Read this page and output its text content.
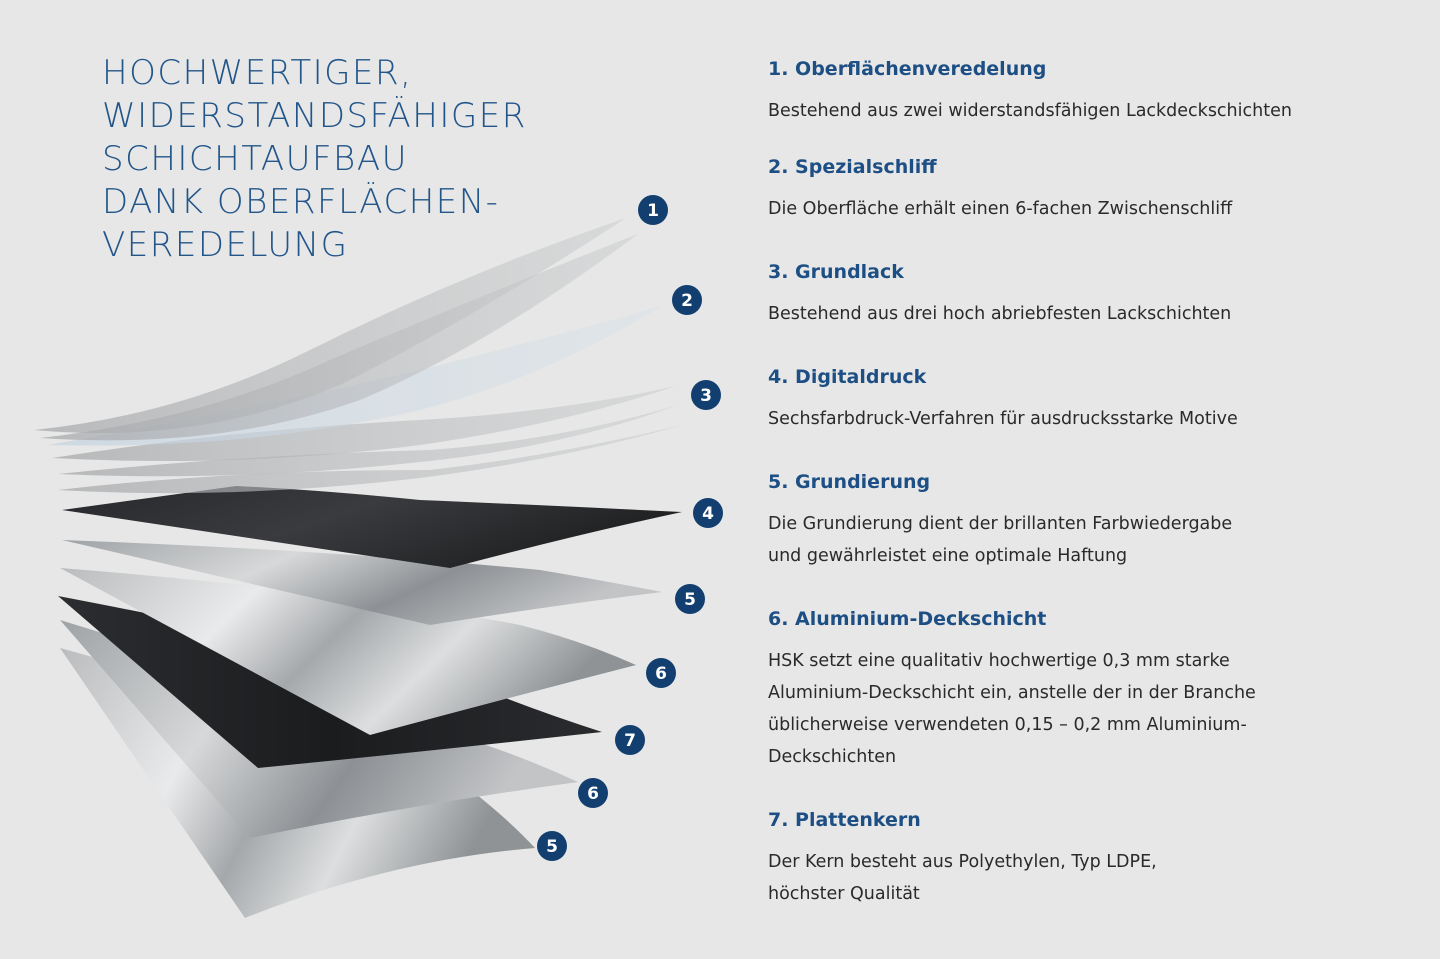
HOCHWERTIGER,
WIDERSTANDSFÄHIGER
SCHICHTAUFBAU
DANK OBERFLÄCHEN-
VEREDELUNG
1
2
3
4
5
6
7
6
5
1. Oberflächenveredelung

Bestehend aus zwei widerstandsfähigen Lackdeckschichten

2. Spezialschliff

Die Oberfläche erhält einen 6-fachen Zwischenschliff

3. Grundlack

Bestehend aus drei hoch abriebfesten Lackschichten

4. Digitaldruck

Sechsfarbdruck-Verfahren für ausdrucksstarke Motive

5. Grundierung

Die Grundierung dient der brillanten Farbwiedergabe
und gewährleistet eine optimale Haftung

6. Aluminium-Deckschicht

HSK setzt eine qualitativ hochwertige 0,3 mm starke
Aluminium-Deckschicht ein, anstelle der in der Branche
üblicherweise verwendeten 0,15 – 0,2 mm Aluminium-
Deckschichten

7. Plattenkern

Der Kern besteht aus Polyethylen, Typ LDPE,
höchster Qualität
